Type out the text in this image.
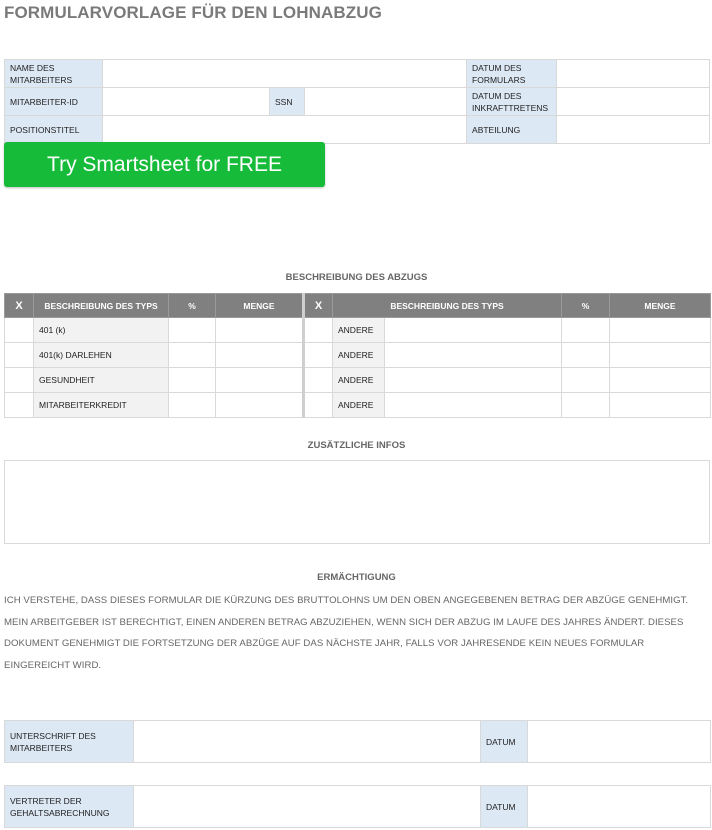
FORMULARVORLAGE FÜR DEN LOHNABZUG
NAME DES MITARBEITERS				DATUM DES FORMULARS	
MITARBEITER-ID		SSN		DATUM DES INKRAFTTRETENS	
POSITIONSTITEL				ABTEILUNG	
Try Smartsheet for FREE
BESCHREIBUNG DES ABZUGS
X	BESCHREIBUNG DES TYPS	%	MENGE	X	BESCHREIBUNG DES TYPS	%	MENGE
	401 (k)				ANDERE		

	401(k) DARLEHEN				ANDERE		

	GESUNDHEIT				ANDERE		

	MITARBEITERKREDIT				ANDERE		

ZUSÄTZLICHE INFOS
ERMÄCHTIGUNG

ICH VERSTEHE, DASS DIESES FORMULAR DIE KÜRZUNG DES BRUTTOLOHNS UM DEN OBEN ANGEGEBENEN BETRAG DER ABZÜGE GENEHMIGT. MEIN ARBEITGEBER IST BERECHTIGT, EINEN ANDEREN BETRAG ABZUZIEHEN, WENN SICH DER ABZUG IM LAUFE DES JAHRES ÄNDERT. DIESES DOKUMENT GENEHMIGT DIE FORTSETZUNG DER ABZÜGE AUF DAS NÄCHSTE JAHR, FALLS VOR JAHRESENDE KEIN NEUES FORMULAR EINGEREICHT WIRD.

UNTERSCHRIFT DES MITARBEITERS		DATUM	
VERTRETER DER GEHALTSABRECHNUNG		DATUM	
